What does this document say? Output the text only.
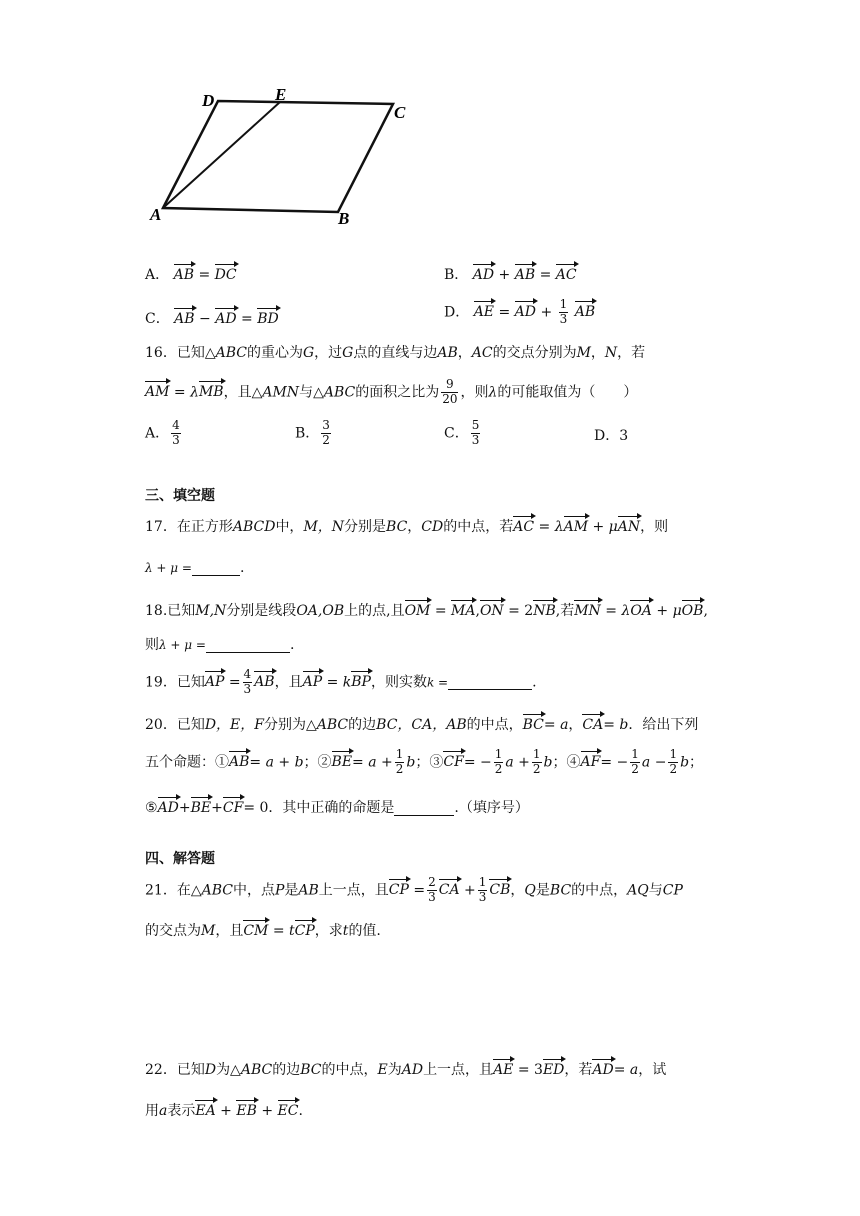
A	B
C
D	E
A． AB = DC	B． AD + AB = AC
C． AB − AD = BD	D． AE = AD + $\frac{1}{3}$ AB
16．已知△ABC的重心为G，过G点的直线与边AB，AC的交点分别为M，N，若
AM = λMB，且△AMN与△ABC的面积之比为 $\frac{9}{20}$ ，则λ的可能取值为（　　）
A． $\frac{4}{3}$	B． $\frac{3}{2}$	C． $\frac{5}{3}$	D．3
三、填空题
17．在正方形ABCD中，M，N分别是BC，CD的中点，若AC = λAM + μAN，则
λ + μ =	.
18.已知M,N分别是线段OA,OB上的点,且OM = MA,ON = 2NB,若MN = λOA + μOB,
则λ + μ =	.
19．已知AP = $\frac{4}{3}$ AB，且AP = kBP，则实数k =	.
20．已知D，E，F分别为△ABC的边BC，CA，AB的中点，BC= a，CA= b．给出下列
五个命题：①AB= a + b；②BE= $a + \frac{1}{2}$ b；③CF= − $\frac{1}{2}$ $a + \frac{1}{2}$ b；④AF= − $\frac{1}{2}$ $a - \frac{1}{2}$ b；
⑤AD+BE+CF= 0．其中正确的命题是	.（填序号）
四、解答题
21．在△ABC中，点P是AB上一点，且CP = $\frac{2}{3}$ CA + $\frac{1}{3}$ CB，Q是BC的中点，AQ与CP
的交点为M，且CM = tCP，求t的值.
22．已知D为△ABC的边BC的中点，E为AD上一点，且AE = 3ED，若AD= a，试
用a表示EA + EB + EC.
